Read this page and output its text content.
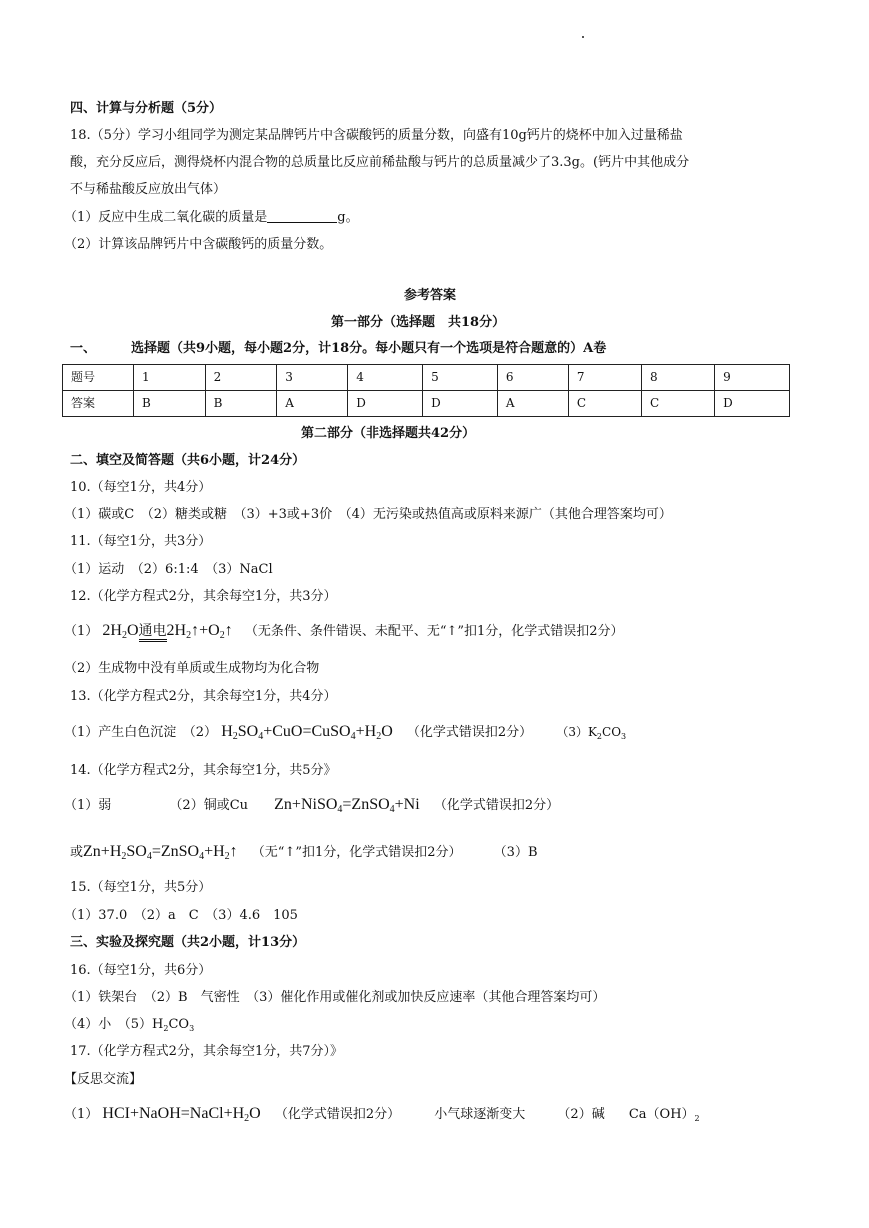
四、计算与分析题（5分）
18.（5分）学习小组同学为测定某品牌钙片中含碳酸钙的质量分数，向盛有10g钙片的烧杯中加入过量稀盐
酸，充分反应后，测得烧杯内混合物的总质量比反应前稀盐酸与钙片的总质量减少了3.3g。(钙片中其他成分
不与稀盐酸反应放出气体）
（1）反应中生成二氧化碳的质量是	g。
（2）计算该品牌钙片中含碳酸钙的质量分数。
参考答案
第一部分（选择题　共18分）
一、	选择题（共9小题，每小题2分，计18分。每小题只有一个选项是符合题意的）A卷
题号	1	2	3	4	5	6	7	8	9
答案	B	B	A	D	D	A	C	C	D
第二部分（非选择题共42分）
二、填空及简答题（共6小题，计24分）
10.（每空1分，共4分）
（1）碳或C　（2）糖类或糖　（3）+3或+3价　（4）无污染或热值高或原料来源广（其他合理答案均可）
11.（每空1分，共3分）
（1）运动　（2）6:1:4　（3）NaCl
12.（化学方程式2分，其余每空1分，共3分）
（1） $2H_2O$通电$2H_2↑+O_2↑$ （无条件、条件错误、未配平、无“↑”扣1分，化学式错误扣2分）
（2）生成物中没有单质或生成物均为化合物
13.（化学方程式2分，其余每空1分，共4分）
（1）产生白色沉淀　（2） $H_2SO_4+CuO=CuSO_4+H_2O$ （化学式错误扣2分） $(3)K_2CO_3$
14.（化学方程式2分，其余每空1分，共5分》
（1）弱	（2）铜或Cu Zn+NiSO$_4$=ZnSO$_4$+Ni （化学式错误扣2分）
或$Zn+H_2SO_4=ZnSO_4+H_2↑$ （无“↑”扣1分，化学式错误扣2分） （3）B
15.（每空1分，共5分）
（1）37.0　（2）a　C　（3）4.6　105
三、实验及探究题（共2小题，计13分）
16.（每空1分，共6分）
（1）铁架台　（2）B　气密性　（3）催化作用或催化剂或加快反应速率（其他合理答案均可）
（4）小　$(5)H_2CO_3$
17.（化学方程式2分，其余每空1分，共7分）》
【反思交流】
（1） $HCI+NaOH=NaCl+H_2O$ （化学式错误扣2分）	小气球逐渐变大 （2）碱 $Ca(OH)_2$
